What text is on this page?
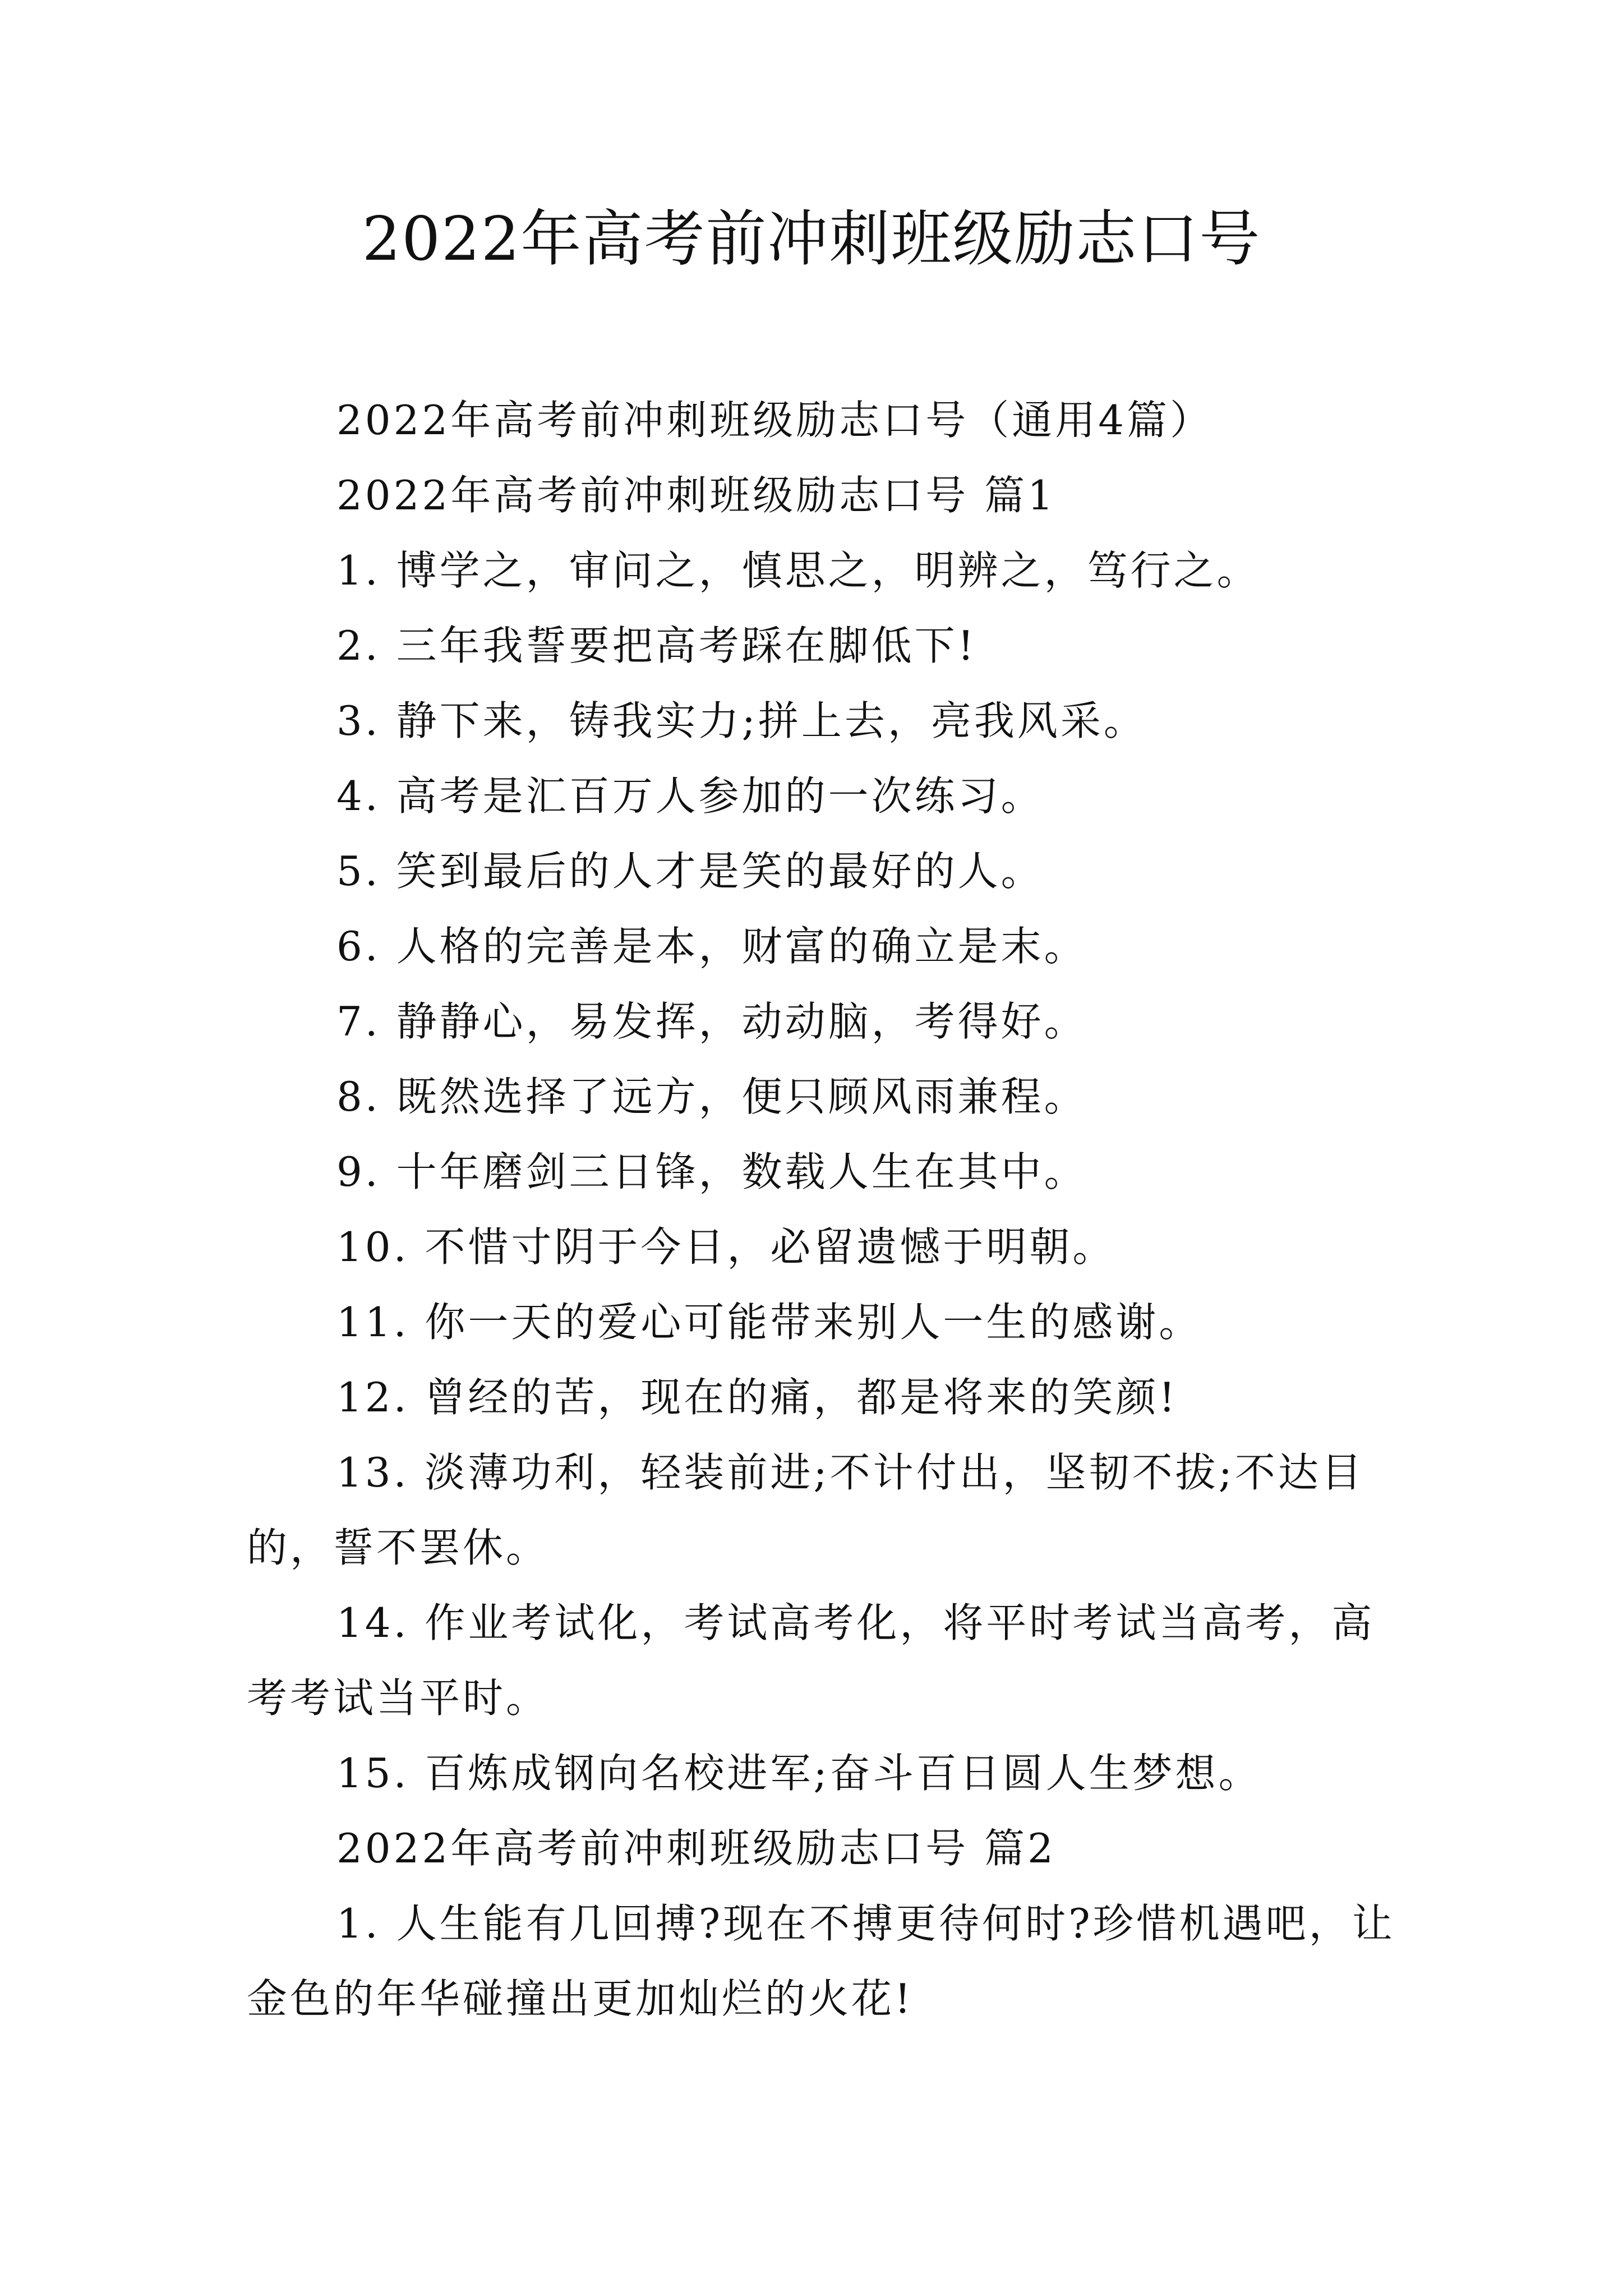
2022年高考前冲刺班级励志口号

2022年高考前冲刺班级励志口号（通用4篇）

2022年高考前冲刺班级励志口号 篇1

1. 博学之，审问之，慎思之，明辨之，笃行之。

2. 三年我誓要把高考踩在脚低下!

3. 静下来，铸我实力;拼上去，亮我风采。

4. 高考是汇百万人参加的一次练习。

5. 笑到最后的人才是笑的最好的人。

6. 人格的完善是本，财富的确立是末。

7. 静静心，易发挥，动动脑，考得好。

8. 既然选择了远方，便只顾风雨兼程。

9. 十年磨剑三日锋，数载人生在其中。

10. 不惜寸阴于今日，必留遗憾于明朝。

11. 你一天的爱心可能带来别人一生的感谢。

12. 曾经的苦，现在的痛，都是将来的笑颜!

13. 淡薄功利，轻装前进;不计付出，坚韧不拔;不达目的，誓不罢休。

14. 作业考试化，考试高考化，将平时考试当高考，高考考试当平时。

15. 百炼成钢向名校进军;奋斗百日圆人生梦想。

2022年高考前冲刺班级励志口号 篇2

1. 人生能有几回搏?现在不搏更待何时?珍惜机遇吧，让金色的年华碰撞出更加灿烂的火花!
